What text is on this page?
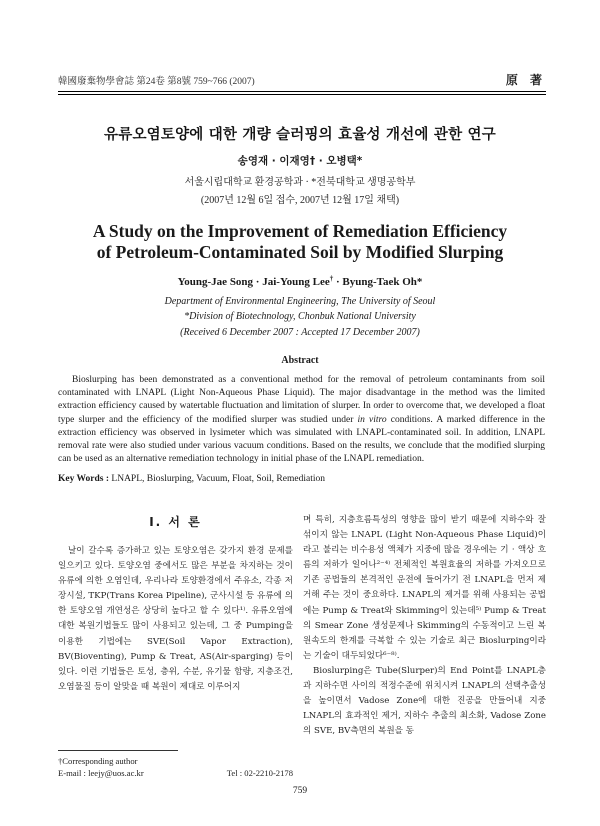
韓國廢棄物學會誌 第24卷 第8號 759~766 (2007)	原 著
유류오염토양에 대한 개량 슬러핑의 효율성 개선에 관한 연구
송영재 · 이재영† · 오병택*
서울시립대학교 환경공학과 · *전북대학교 생명공학부
(2007년 12월 6일 접수, 2007년 12월 17일 채택)
A Study on the Improvement of Remediation Efficiency
of Petroleum-Contaminated Soil by Modified Slurping
Young-Jae Song · Jai-Young Lee† · Byung-Taek Oh*
Department of Environmental Engineering, The University of Seoul
*Division of Biotechnology, Chonbuk National University
(Received 6 December 2007 : Accepted 17 December 2007)
Abstract

Bioslurping has been demonstrated as a conventional method for the removal of petroleum contaminants from soil contaminated with LNAPL (Light Non-Aqueous Phase Liquid). The major disadvantage in the method was the limited extraction efficiency caused by watertable fluctuation and limitation of slurper. In order to overcome that, we developed a float type slurper and the efficiency of the modified slurper was studied under in vitro conditions. A marked difference in the extraction efficiency was observed in lysimeter which was simulated with LNAPL-contaminated soil. In addition, LNAPL removal rate were also studied under various vacuum conditions. Based on the results, we conclude that the modified slurping can be used as an alternative remediation technology in initial phase of the LNAPL remediation.

Key Words : LNAPL, Bioslurping, Vacuum, Float, Soil, Remediation
I. 서 론

날이 갈수록 증가하고 있는 토양오염은 갖가지 환경 문제를 일으키고 있다. 토양오염 중에서도 많은 부분을 차지하는 것이 유류에 의한 오염인데, 우리나라 토양환경에서 주유소, 각종 저장시설, TKP(Trans Korea Pipeline), 군사시설 등 유류에 의한 토양오염 개연성은 상당히 높다고 할 수 있다¹⁾. 유류오염에 대한 복원기법들도 많이 사용되고 있는데, 그 중 Pumping을 이용한 기법에는 SVE(Soil Vapor Extraction), BV(Bioventing), Pump & Treat, AS(Air-sparging) 등이 있다. 이런 기법들은 토성, 층위, 수분, 유기물 함량, 지층조건, 오염물질 등이 알맞을 때 복원이 제대로 이루어지

며 특히, 지층흐름특성의 영향을 많이 받기 때문에 지하수와 잘 섞이지 않는 LNAPL (Light Non-Aqueous Phase Liquid)이라고 불리는 비수용성 액체가 지중에 많을 경우에는 기 · 액상 흐름의 저하가 일어나²⁻⁴⁾ 전체적인 복원효율의 저하를 가져오므로 기존 공법들의 본격적인 운전에 들어가기 전 LNAPL을 먼저 제거해 주는 것이 중요하다. LNAPL의 제거를 위해 사용되는 공법에는 Pump & Treat와 Skimming이 있는데⁵⁾ Pump & Treat의 Smear Zone 생성문제나 Skimming의 수동적이고 느린 복원속도의 한계를 극복할 수 있는 기술로 최근 Bioslurping이라는 기술이 대두되었다⁶⁻⁸⁾.

Bioslurping은 Tube(Slurper)의 End Point를 LNAPL층과 지하수면 사이의 적정수준에 위치시켜 LNAPL의 선택추출성을 높이면서 Vadose Zone에 대한 진공을 만들어내 지중 LNAPL의 효과적인 제거, 지하수 추출의 최소화, Vadose Zone의 SVE, BV측면의 복원을 동

†Corresponding author
E-mail : leejy@uos.ac.kr	Tel : 02-2210-2178
759
